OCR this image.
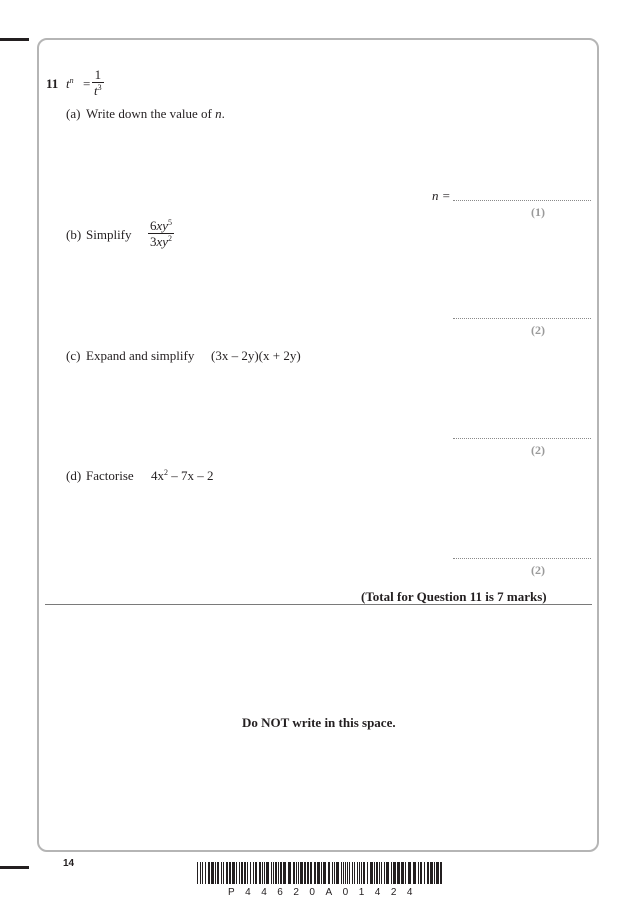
11 $t^n$ =
1
$t^3$
(a) Write down the value of n.
n =
(1)
(b) Simplify
$6xy^5$
$3xy^2$
(2)
(c) Expand and simplify (3x – 2y)(x + 2y)
(2)
(d) Factorise $4x^2 - 7x - 2$
(2)
(Total for Question 11 is 7 marks)
Do NOT write in this space.
14
P44620A01424
